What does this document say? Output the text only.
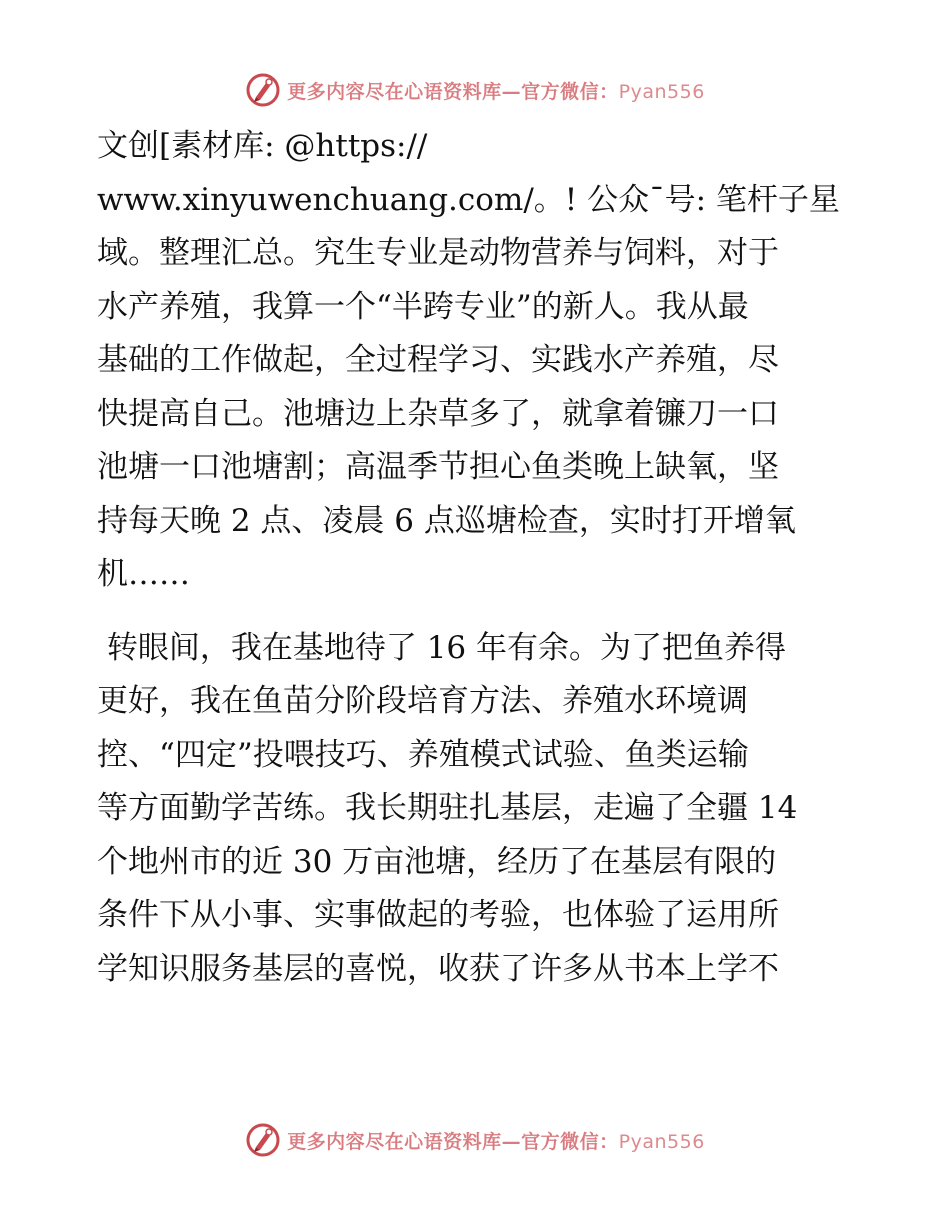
更多内容尽在心语资料库—官方微信：Pyan556
文创[素材库: @https://
www.xinyuwenchuang.com/。! 公众¯号: 笔杆子星
域。整理汇总。究生专业是动物营养与饲料，对于
水产养殖，我算一个“半跨专业”的新人。我从最
基础的工作做起，全过程学习、实践水产养殖，尽
快提高自己。池塘边上杂草多了，就拿着镰刀一口
池塘一口池塘割；高温季节担心鱼类晚上缺氧，坚
持每天晚 2 点、凌晨 6 点巡塘检查，实时打开增氧
机……
转眼间，我在基地待了 16 年有余。为了把鱼养得
更好，我在鱼苗分阶段培育方法、养殖水环境调
控、“四定”投喂技巧、养殖模式试验、鱼类运输
等方面勤学苦练。我长期驻扎基层，走遍了全疆 14
个地州市的近 30 万亩池塘，经历了在基层有限的
条件下从小事、实事做起的考验，也体验了运用所
学知识服务基层的喜悦，收获了许多从书本上学不
更多内容尽在心语资料库—官方微信：Pyan556
